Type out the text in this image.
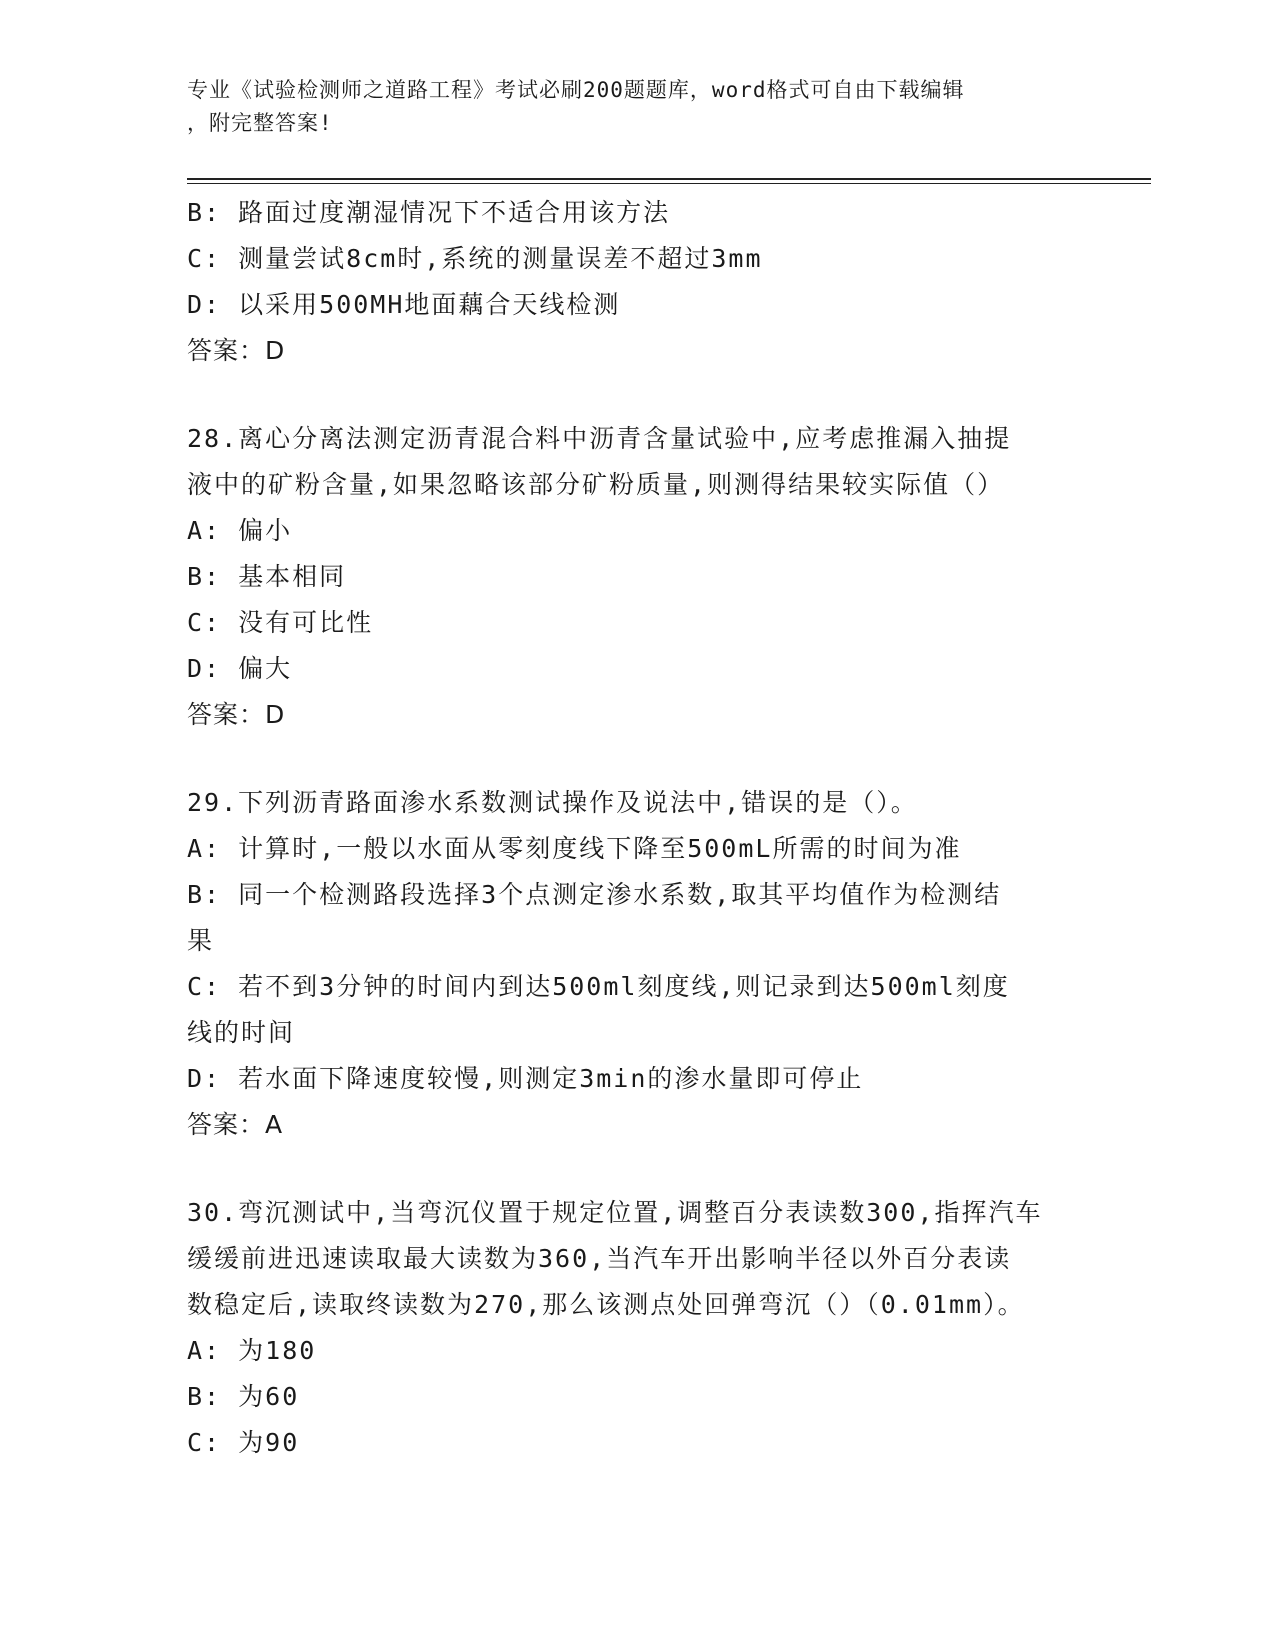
专业《试验检测师之道路工程》考试必刷200题题库，word格式可自由下载编辑
，附完整答案!
B: 路面过度潮湿情况下不适合用该方法
C: 测量尝试8cm时,系统的测量误差不超过3mm
D: 以采用500MH地面藕合天线检测
答案：D
28.离心分离法测定沥青混合料中沥青含量试验中,应考虑推漏入抽提
液中的矿粉含量,如果忽略该部分矿粉质量,则测得结果较实际值（）
A: 偏小
B: 基本相同
C: 没有可比性
D: 偏大
答案：D
29.下列沥青路面渗水系数测试操作及说法中,错误的是（）。
A: 计算时,一般以水面从零刻度线下降至500mL所需的时间为准
B: 同一个检测路段选择3个点测定渗水系数,取其平均值作为检测结
果
C: 若不到3分钟的时间内到达500ml刻度线,则记录到达500ml刻度
线的时间
D: 若水面下降速度较慢,则测定3min的渗水量即可停止
答案：A
30.弯沉测试中,当弯沉仪置于规定位置,调整百分表读数300,指挥汽车
缓缓前进迅速读取最大读数为360,当汽车开出影响半径以外百分表读
数稳定后,读取终读数为270,那么该测点处回弹弯沉（）（0.01mm）。
A: 为180
B: 为60
C: 为90
